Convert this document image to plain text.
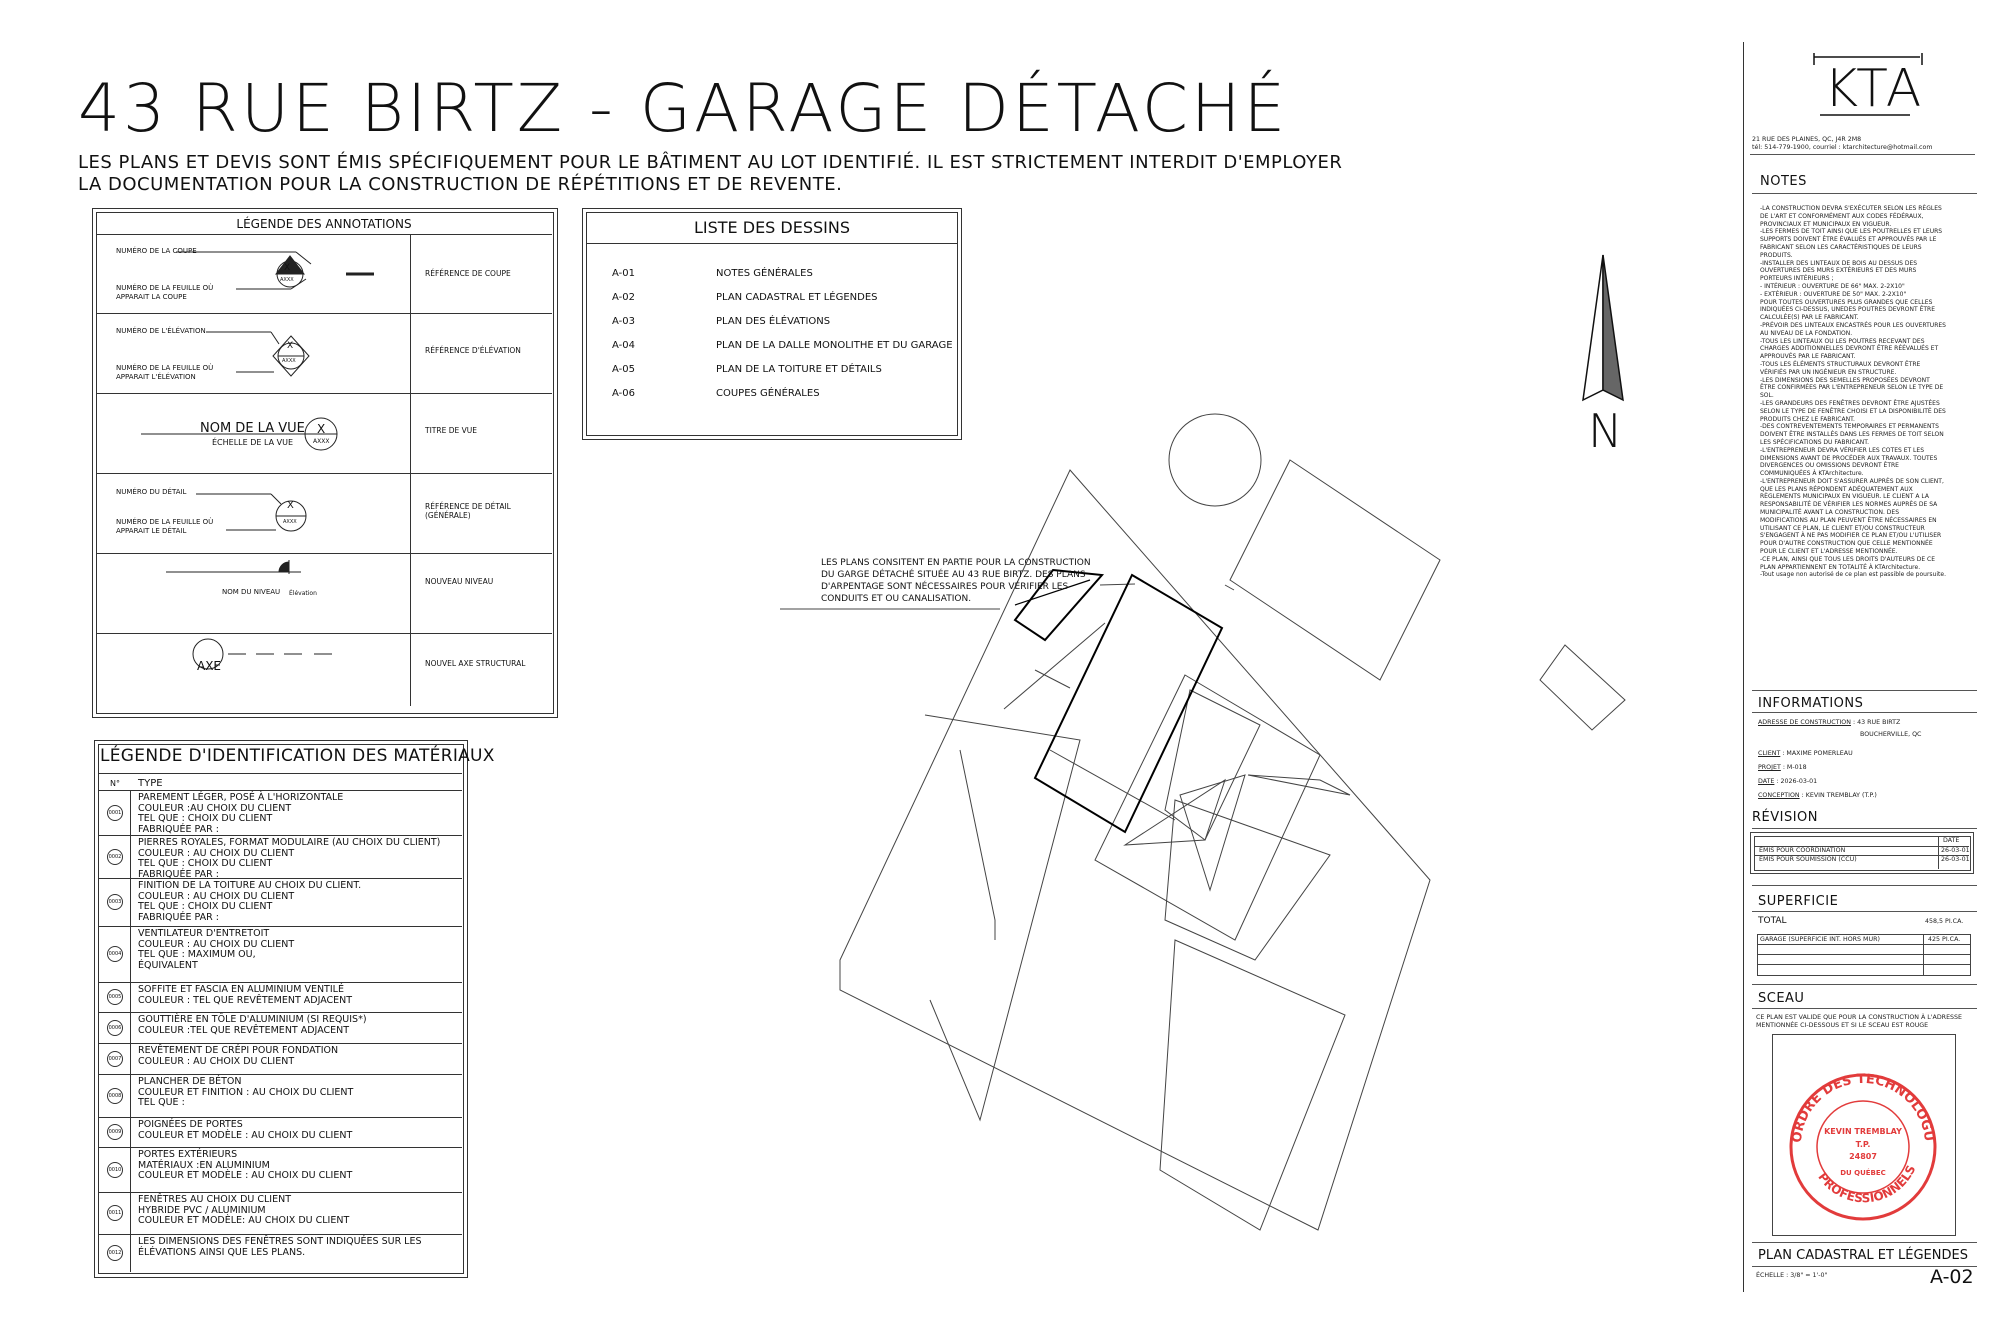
43 RUE BIRTZ - GARAGE DÉTACHÉ
LES PLANS ET DEVIS SONT ÉMIS SPÉCIFIQUEMENT POUR LE BÂTIMENT AU LOT IDENTIFIÉ. IL EST STRICTEMENT INTERDIT D'EMPLOYER
LA DOCUMENTATION POUR LA CONSTRUCTION DE RÉPÉTITIONS ET DE REVENTE.
LÉGENDE DES ANNOTATIONS
NUMÉRO DE LA COUPE
NUMÉRO DE LA FEUILLE OÙ
APPARAIT LA COUPE
X
AXXX
RÉFÉRENCE DE COUPE
NUMÉRO DE L'ÉLÉVATION
NUMÉRO DE LA FEUILLE OÙ
APPARAIT L'ÉLÉVATION
X
AXXX
RÉFÉRENCE D'ÉLÉVATION
NOM DE LA VUE
ÉCHELLE DE LA VUE
X
AXXX
TITRE DE VUE
NUMÉRO DU DÉTAIL
NUMÉRO DE LA FEUILLE OÙ
APPARAIT LE DÉTAIL
X
AXXX
RÉFÉRENCE DE DÉTAIL
(GÉNÉRALE)
NOM DU NIVEAU Élévation
NOUVEAU NIVEAU
AXE	NOUVEL AXE STRUCTURAL
LISTE DES DESSINS
A-01	NOTES GÉNÉRALES
A-02	PLAN CADASTRAL ET LÉGENDES
A-03	PLAN DES ÉLÉVATIONS
A-04	PLAN DE LA DALLE MONOLITHE ET DU GARAGE
A-05	PLAN DE LA TOITURE ET DÉTAILS
A-06	COUPES GÉNÉRALES
LÉGENDE D'IDENTIFICATION DES MATÉRIAUX
N° TYPE
0001
PAREMENT LÉGER, POSÉ À L'HORIZONTALE
COULEUR :AU CHOIX DU CLIENT
TEL QUE : CHOIX DU CLIENT
FABRIQUÉE PAR :
0002
PIERRES ROYALES, FORMAT MODULAIRE (AU CHOIX DU CLIENT)
COULEUR : AU CHOIX DU CLIENT
TEL QUE : CHOIX DU CLIENT
FABRIQUÉE PAR :
0003
FINITION DE LA TOITURE AU CHOIX DU CLIENT.
COULEUR : AU CHOIX DU CLIENT
TEL QUE : CHOIX DU CLIENT
FABRIQUÉE PAR :
0004
VENTILATEUR D'ENTRETOIT
COULEUR : AU CHOIX DU CLIENT
TEL QUE : MAXIMUM OU,
ÉQUIVALENT
0005
SOFFITE ET FASCIA EN ALUMINIUM VENTILÉ
COULEUR : TEL QUE REVÊTEMENT ADJACENT
0006
GOUTTIÈRE EN TÔLE D'ALUMINIUM (SI REQUIS*)
COULEUR :TEL QUE REVÊTEMENT ADJACENT
0007
REVÊTEMENT DE CRÉPI POUR FONDATION
COULEUR : AU CHOIX DU CLIENT
0008
PLANCHER DE BÉTON
COULEUR ET FINITION : AU CHOIX DU CLIENT
TEL QUE :
0009
POIGNÉES DE PORTES
COULEUR ET MODÈLE : AU CHOIX DU CLIENT
0010
PORTES EXTÉRIEURS
MATÉRIAUX :EN ALUMINIUM
COULEUR ET MODÈLE : AU CHOIX DU CLIENT
0011
FENÊTRES AU CHOIX DU CLIENT
HYBRIDE PVC / ALUMINIUM
COULEUR ET MODÈLE: AU CHOIX DU CLIENT
0012
LES DIMENSIONS DES FENÊTRES SONT INDIQUÉES SUR LES
ÉLÉVATIONS AINSI QUE LES PLANS.
LES PLANS CONSITENT EN PARTIE POUR LA CONSTRUCTION
DU GARGE DÉTACHÉ SITUÉE AU 43 RUE BIRTZ. DES PLANS
D'ARPENTAGE SONT NÉCESSAIRES POUR VÉRIFIER LES
CONDUITS ET OU CANALISATION.
N
KTA
21 RUE DES PLAINES, QC, J4R 2M8
tél: 514-779-1900, courriel : ktarchitecture@hotmail.com
NOTES
-LA CONSTRUCTION DEVRA S'EXÉCUTER SELON LES RÈGLES
DE L'ART ET CONFORMÉMENT AUX CODES FÉDÉRAUX,
PROVINCIAUX ET MUNICIPAUX EN VIGUEUR.
-LES FERMES DE TOIT AINSI QUE LES POUTRELLES ET LEURS
SUPPORTS DOIVENT ÊTRE ÉVALUÉS ET APPROUVÉS PAR LE
FABRICANT SELON LES CARACTÉRISTIQUES DE LEURS
PRODUITS.
-INSTALLER DES LINTEAUX DE BOIS AU DESSUS DES
OUVERTURES DES MURS EXTÉRIEURS ET DES MURS
PORTEURS INTÉRIEURS ;
- INTÉRIEUR : OUVERTURE DE 66" MAX. 2-2X10"
- EXTÉRIEUR : OUVERTURE DE 50" MAX. 2-2X10"
POUR TOUTES OUVERTURES PLUS GRANDES QUE CELLES
INDIQUÉES CI-DESSUS, UNEDES POUTRES DEVRONT ÊTRE
CALCULÉE(S) PAR LE FABRICANT.
-PRÉVOIR DES LINTEAUX ENCASTRÉS POUR LES OUVERTURES
AU NIVEAU DE LA FONDATION.
-TOUS LES LINTEAUX OU LES POUTRES RECEVANT DES
CHARGES ADDITIONNELLES DEVRONT ÊTRE RÉÉVALUÉS ET
APPROUVÉS PAR LE FABRICANT.
-TOUS LES ÉLÉMENTS STRUCTURAUX DEVRONT ÊTRE
VÉRIFIÉS PAR UN INGÉNIEUR EN STRUCTURE.
-LES DIMENSIONS DES SEMELLES PROPOSÉES DEVRONT
ÊTRE CONFIRMÉES PAR L'ENTREPRENEUR SELON LE TYPE DE
SOL.
-LES GRANDEURS DES FENÊTRES DEVRONT ÊTRE AJUSTÉES
SELON LE TYPE DE FENÊTRE CHOISI ET LA DISPONIBILITÉ DES
PRODUITS CHEZ LE FABRICANT.
-DES CONTREVENTEMENTS TEMPORAIRES ET PERMANENTS
DOIVENT ÊTRE INSTALLÉS DANS LES FERMES DE TOIT SELON
LES SPÉCIFICATIONS DU FABRICANT.
-L'ENTREPRENEUR DEVRA VÉRIFIER LES COTES ET LES
DIMENSIONS AVANT DE PROCÉDER AUX TRAVAUX. TOUTES
DIVERGENCES OU OMISSIONS DEVRONT ÊTRE
COMMUNIQUÉES À KTArchitecture.
-L'ENTREPRENEUR DOIT S'ASSURER AUPRÈS DE SON CLIENT,
QUE LES PLANS RÉPONDENT ADÉQUATEMENT AUX
RÈGLEMENTS MUNICIPAUX EN VIGUEUR. LE CLIENT A LA
RESPONSABILITÉ DE VÉRIFIER LES NORMES AUPRÈS DE SA
MUNICIPALITÉ AVANT LA CONSTRUCTION. DES
MODIFICATIONS AU PLAN PEUVENT ÊTRE NÉCESSAIRES EN
UTILISANT CE PLAN, LE CLIENT ET/OU CONSTRUCTEUR
S'ENGAGENT À NE PAS MODIFIER CE PLAN ET/OU L'UTILISER
POUR D'AUTRE CONSTRUCTION QUE CELLE MENTIONNÉE
POUR LE CLIENT ET L'ADRESSE MENTIONNÉE.
-CE PLAN, AINSI QUE TOUS LES DROITS D'AUTEURS DE CE
PLAN APPARTIENNENT EN TOTALITÉ À KTArchitecture.
-Tout usage non autorisé de ce plan est passible de poursuite.
INFORMATIONS
ADRESSE DE CONSTRUCTION : 43 RUE BIRTZ
BOUCHERVILLE, QC
CLIENT : MAXIME POMERLEAU
PROJET : M-018
DATE : 2026-03-01
CONCEPTION : KEVIN TREMBLAY (T.P.)
RÉVISION
DATE
ÉMIS POUR COORDINATION	26-03-01
ÉMIS POUR SOUMISSION (CCU)	26-03-01
SUPERFICIE
TOTAL	458,5 PI.CA.
GARAGE (SUPERFICIE INT. HORS MUR)	425 PI.CA.
SCEAU
CE PLAN EST VALIDE QUE POUR LA CONSTRUCTION À L'ADRESSE
MENTIONNÉE CI-DESSOUS ET SI LE SCEAU EST ROUGE
ORDRE DES TECHNOLOGU
PROFESSIONNELS
KEVIN TREMBLAY
T.P.
24807
DU QUÉBEC
PLAN CADASTRAL ET LÉGENDES
ÉCHELLE : 3/8" = 1'-0"	A-02
